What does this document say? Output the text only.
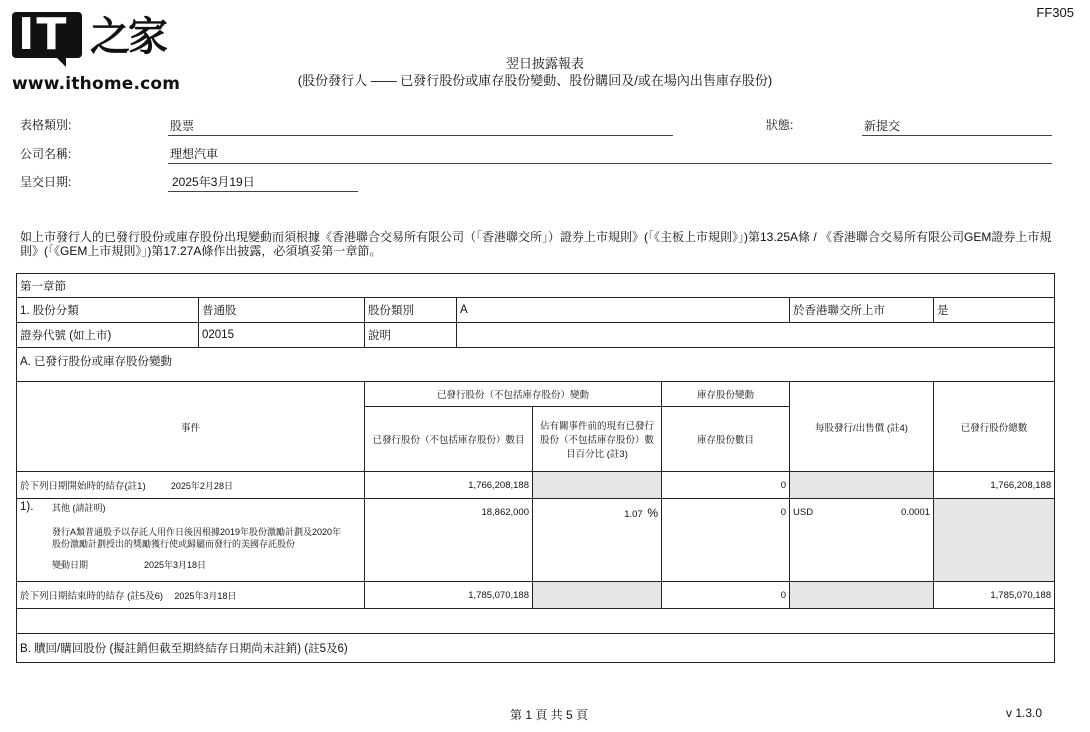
IT 之家
www.ithome.com
FF305
翌日披露報表
(股份發行人 —— 已發行股份或庫存股份變動、股份購回及/或在場內出售庫存股份)
表格類別:	股票	狀態:	新提交
公司名稱:	理想汽車
呈交日期:	2025年3月19日
如上市發行人的已發行股份或庫存股份出現變動而須根據《香港聯合交易所有限公司（「香港聯交所」）證券上市規則》(「《主板上市規則》」)第13.25A條 / 《香港聯合交易所有限公司GEM證券上市規則》(「《GEM上市規則》」)第17.27A條作出披露，必須填妥第一章節。
第一章節							
1. 股份分類	普通股	股份類別	A			於香港聯交所上市	是
證券代號 (如上市)	02015	說明					
A. 已發行股份或庫存股份變動							
事件		已發行股份（不包括庫存股份）變動			庫存股份變動	每股發行/出售價 (註4)	已發行股份總數
		已發行股份（不包括庫存股份）數目		佔有關事件前的現有已發行股份（不包括庫存股份）數目百分比 (註3)	庫存股份數目		
於下列日期開始時的結存(註1) 2025年2月28日		1,766,208,188			0		1,766,208,188

1).	其他 (請註明)
發行A類普通股予以存託人用作日後因根據2019年股份激勵計劃及2020年股份激勵計劃授出的獎勵獲行使或歸屬而發行的美國存託股份
變動日期	2025年3月18日
	18,862,000	1.07 %	0	USD	0.0001

於下列日期結束時的結存 (註5及6) 2025年3月18日		1,785,070,188			0		1,785,070,188

B. 贖回/購回股份 (擬註銷但截至期終結存日期尚未註銷) (註5及6)							
第 1 頁 共 5 頁	v 1.3.0
